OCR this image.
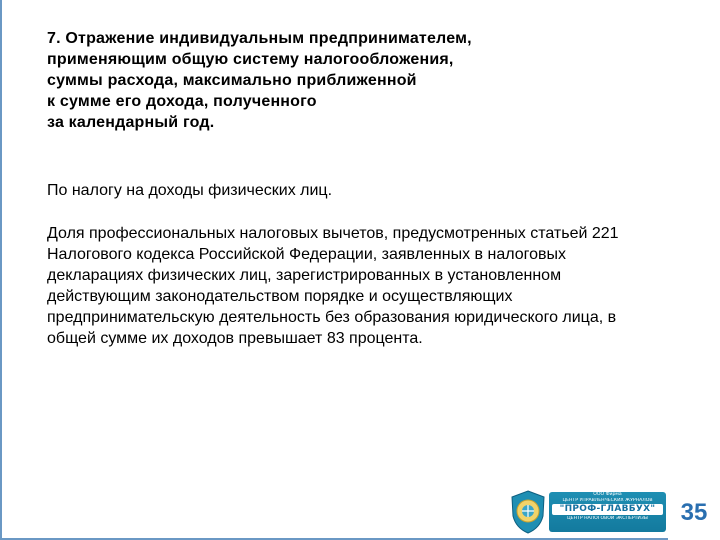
7. Отражение индивидуальным предпринимателем,
применяющим общую систему налогообложения,
суммы расхода, максимально приближенной
к сумме его дохода, полученного
за календарный год.
По налогу на доходы физических лиц.
Доля профессиональных налоговых вычетов, предусмотренных статьей 221
Налогового кодекса Российской Федерации, заявленных в налоговых
декларациях физических лиц, зарегистрированных в установленном
действующим законодательством порядке и осуществляющих
предпринимательскую деятельность без образования юридического лица, в
общей сумме их доходов превышает 83 процента.
ООО Фирма
ЦЕНТР УПРАВЛЕНЧЕСКИХ ЖУРНАЛОВ
"ПРОФ-ГЛАВБУХ"
ЦЕНТР НАЛОГОВОЙ ЭКСПЕРТИЗЫ	35
